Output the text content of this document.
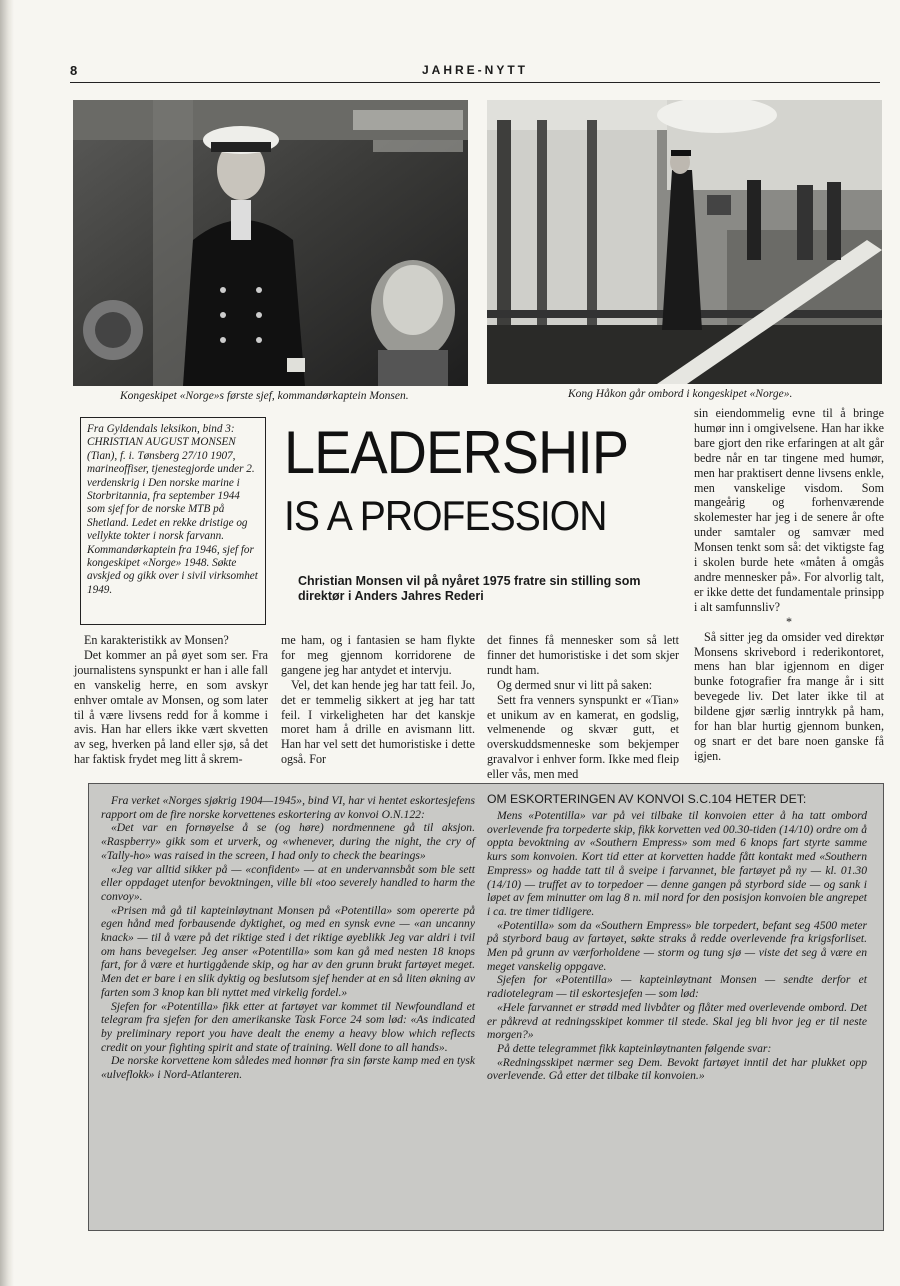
8	JAHRE-NYTT
Kongeskipet «Norge»s første sjef, kommandørkaptein Monsen.	Kong Håkon går ombord i kongeskipet «Norge».
Fra Gyldendals leksikon, bind 3: CHRISTIAN AUGUST MONSEN (Tian), f. i. Tønsberg 27/10 1907, marineoffiser, tjenestegjorde under 2. verdenskrig i Den norske marine i Storbritannia, fra september 1944 som sjef for de norske MTB på Shetland. Ledet en rekke dristige og vellykte tokter i norsk farvann. Kommandørkaptein fra 1946, sjef for kongeskipet «Norge» 1948. Søkte avskjed og gikk over i sivil virksomhet 1949.
LEADERSHIP
IS A PROFESSION
Christian Monsen vil på nyåret 1975 fratre sin stilling som direktør i Anders Jahres Rederi

En karakteristikk av Monsen?

Det kommer an på øyet som ser. Fra journalistens synspunkt er han i alle fall en vanskelig herre, en som avskyr enhver omtale av Monsen, og som later til å være livsens redd for å komme i avis. Han har ellers ikke vært skvetten av seg, hverken på land eller sjø, så det har faktisk frydet meg litt å skrem-

me ham, og i fantasien se ham flykte for meg gjennom korridorene de gangene jeg har antydet et intervju.

Vel, det kan hende jeg har tatt feil. Jo, det er temmelig sikkert at jeg har tatt feil. I virkeligheten har det kanskje moret ham å drille en avismann litt. Han har vel sett det humoristiske i dette også. For

det finnes få mennesker som så lett finner det humoristiske i det som skjer rundt ham.

Og dermed snur vi litt på saken:

Sett fra venners synspunkt er «Tian» et unikum av en kamerat, en godslig, velmenende og skvær gutt, et overskuddsmenneske som bekjemper gravalvor i enhver form. Ikke med fleip eller vås, men med

sin eiendommelig evne til å bringe humør inn i omgivelsene. Han har ikke bare gjort den rike erfaringen at alt går bedre når en tar tingene med humør, men har praktisert denne livsens enkle, men vanskelige visdom. Som mangeårig og forhenværende skolemester har jeg i de senere år ofte under samtaler og samvær med Monsen tenkt som så: det viktigste fag i skolen burde hete «måten å omgås andre mennesker på». For alvorlig talt, er ikke dette det fundamentale prinsipp i alt samfunnsliv?

*

Så sitter jeg da omsider ved direktør Monsens skrivebord i rederikontoret, mens han blar igjennom en diger bunke fotografier fra mange år i sitt bevegede liv. Det later ikke til at bildene gjør særlig inntrykk på ham, for han blar hurtig gjennom bunken, og snart er det bare noen ganske få igjen.

Fra verket «Norges sjøkrig 1904—1945», bind VI, har vi hentet eskortesjefens rapport om de fire norske korvettenes eskortering av konvoi O.N.122:

«Det var en fornøyelse å se (og høre) nordmennene gå til aksjon. «Raspberry» gikk som et urverk, og «whenever, during the night, the cry of «Tally-ho» was raised in the screen, I had only to check the bearings»

«Jeg var alltid sikker på — «confident» — at en undervannsbåt som ble sett eller oppdaget utenfor bevoktningen, ville bli «too severely handled to harm the convoy».

«Prisen må gå til kapteinløytnant Monsen på «Potentilla» som opererte på egen hånd med forbausende dyktighet, og med en synsk evne — «an uncanny knack» — til å være på det riktige sted i det riktige øyeblikk Jeg var aldri i tvil om hans bevegelser. Jeg anser «Potentilla» som kan gå med nesten 18 knops fart, for å være et hurtiggående skip, og har av den grunn brukt fartøyet meget. Men det er bare i en slik dyktig og beslutsom sjef hender at en så liten økning av farten som 3 knop kan bli nyttet med virkelig fordel.»

Sjefen for «Potentilla» fikk etter at fartøyet var kommet til Newfoundland et telegram fra sjefen for den amerikanske Task Force 24 som lød: «As indicated by preliminary report you have dealt the enemy a heavy blow which reflects credit on your fighting spirit and state of training. Well done to all hands».

De norske korvettene kom således med honnør fra sin første kamp med en tysk «ulveflokk» i Nord-Atlanteren.

OM ESKORTERINGEN AV KONVOI S.C.104 HETER DET:

Mens «Potentilla» var på vei tilbake til konvoien etter å ha tatt ombord overlevende fra torpederte skip, fikk korvetten ved 00.30-tiden (14/10) ordre om å oppta bevoktning av «Southern Empress» som med 6 knops fart styrte samme kurs som konvoien. Kort tid etter at korvetten hadde fått kontakt med «Southern Empress» og hadde tatt til å sveipe i farvannet, ble fartøyet på ny — kl. 01.30 (14/10) — truffet av to torpedoer — denne gangen på styrbord side — og sank i løpet av fem minutter om lag 8 n. mil nord for den posisjon konvoien ble angrepet i ca. tre timer tidligere.

«Potentilla» som da «Southern Empress» ble torpedert, befant seg 4500 meter på styrbord baug av fartøyet, søkte straks å redde overlevende fra krigsforliset. Men på grunn av værforholdene — storm og tung sjø — viste det seg å være en meget vanskelig oppgave.

Sjefen for «Potentilla» — kapteinløytnant Monsen — sendte derfor et radiotelegram — til eskortesjefen — som lød:

«Hele farvannet er strødd med livbåter og flåter med overlevende ombord. Det er påkrevd at redningsskipet kommer til stede. Skal jeg bli hvor jeg er til neste morgen?»

På dette telegrammet fikk kapteinløytnanten følgende svar:

«Redningsskipet nærmer seg Dem. Bevokt fartøyet inntil det har plukket opp overlevende. Gå etter det tilbake til konvoien.»
